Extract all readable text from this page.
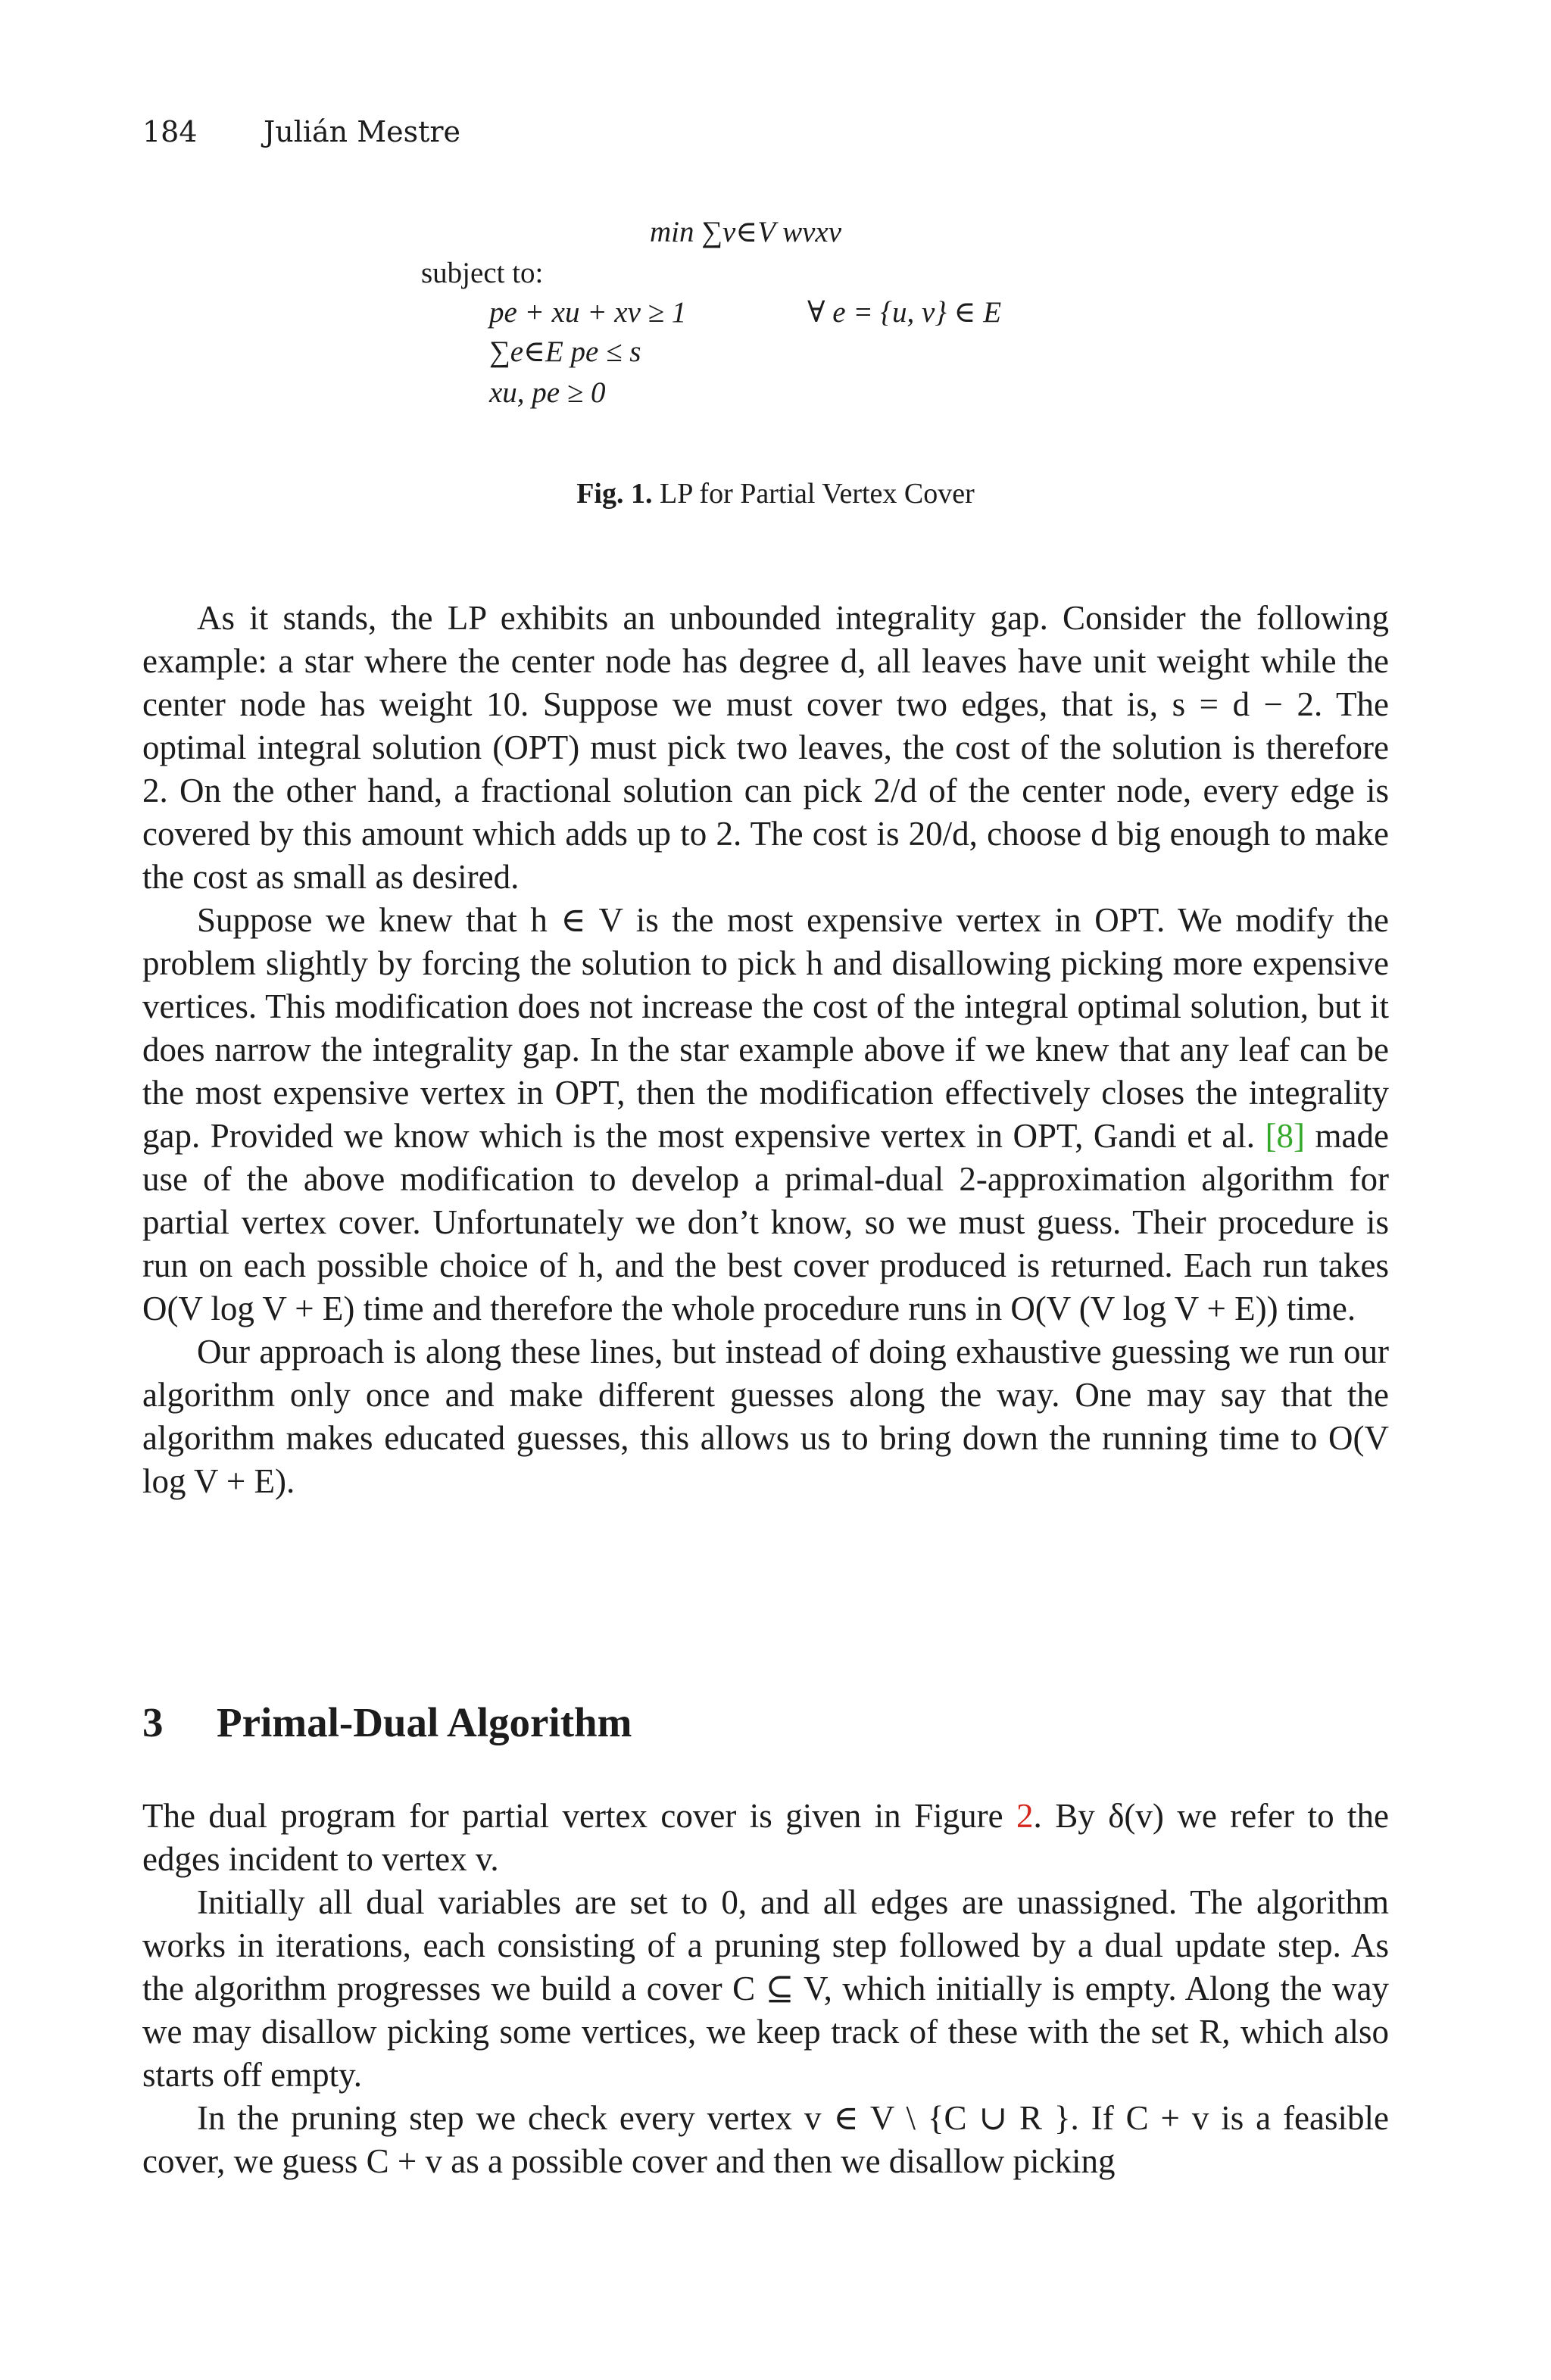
184 Julián Mestre
min ∑v∈V wvxv
subject to:
pe + xu + xv ≥ 1	∀ e = {u, v} ∈ E
∑e∈E pe ≤ s
xu, pe ≥ 0
Fig. 1. LP for Partial Vertex Cover

As it stands, the LP exhibits an unbounded integrality gap. Consider the following example: a star where the center node has degree d, all leaves have unit weight while the center node has weight 10. Suppose we must cover two edges, that is, s = d − 2. The optimal integral solution (OPT) must pick two leaves, the cost of the solution is therefore 2. On the other hand, a fractional solution can pick 2/d of the center node, every edge is covered by this amount which adds up to 2. The cost is 20/d, choose d big enough to make the cost as small as desired.

Suppose we knew that h ∈ V is the most expensive vertex in OPT. We modify the problem slightly by forcing the solution to pick h and disallowing picking more expensive vertices. This modification does not increase the cost of the integral optimal solution, but it does narrow the integrality gap. In the star example above if we knew that any leaf can be the most expensive vertex in OPT, then the modification effectively closes the integrality gap. Provided we know which is the most expensive vertex in OPT, Gandi et al. [8] made use of the above modification to develop a primal-dual 2-approximation algorithm for partial vertex cover. Unfortunately we don’t know, so we must guess. Their procedure is run on each possible choice of h, and the best cover produced is returned. Each run takes O(V log V + E) time and therefore the whole procedure runs in O(V (V log V + E)) time.

Our approach is along these lines, but instead of doing exhaustive guessing we run our algorithm only once and make different guesses along the way. One may say that the algorithm makes educated guesses, this allows us to bring down the running time to O(V log V + E).

3 Primal-Dual Algorithm

The dual program for partial vertex cover is given in Figure 2. By δ(v) we refer to the edges incident to vertex v.

Initially all dual variables are set to 0, and all edges are unassigned. The algorithm works in iterations, each consisting of a pruning step followed by a dual update step. As the algorithm progresses we build a cover C ⊆ V, which initially is empty. Along the way we may disallow picking some vertices, we keep track of these with the set R, which also starts off empty.

In the pruning step we check every vertex v ∈ V \ {C ∪ R }. If C + v is a feasible cover, we guess C + v as a possible cover and then we disallow picking
